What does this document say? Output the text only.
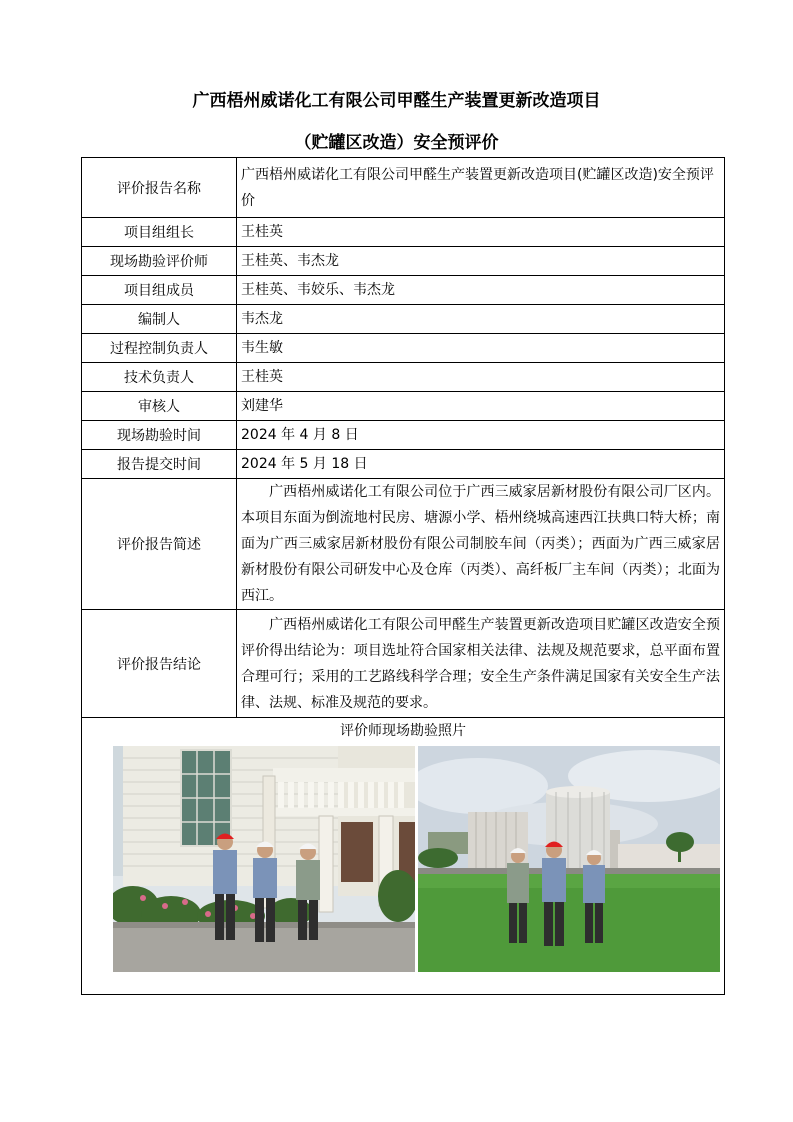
广西梧州威诺化工有限公司甲醛生产装置更新改造项目
（贮罐区改造）安全预评价
评价报告名称	广西梧州威诺化工有限公司甲醛生产装置更新改造项目(贮罐区改造)安全预评价
项目组组长	王桂英
现场勘验评价师	王桂英、韦杰龙
项目组成员	王桂英、韦姣乐、韦杰龙
编制人	韦杰龙
过程控制负责人	韦生敏
技术负责人	王桂英
审核人	刘建华
现场勘验时间	2024 年 4 月 8 日
报告提交时间	2024 年 5 月 18 日
评价报告简述	广西梧州威诺化工有限公司位于广西三威家居新材股份有限公司厂区内。本项目东面为倒流地村民房、塘源小学、梧州绕城高速西江扶典口特大桥；南面为广西三威家居新材股份有限公司制胶车间（丙类）；西面为广西三威家居新材股份有限公司研发中心及仓库（丙类）、高纤板厂主车间（丙类）；北面为西江。
评价报告结论	广西梧州威诺化工有限公司甲醛生产装置更新改造项目贮罐区改造安全预评价得出结论为：项目选址符合国家相关法律、法规及规范要求，总平面布置合理可行；采用的工艺路线科学合理；安全生产条件满足国家有关安全生产法律、法规、标准及规范的要求。

评价师现场勘验照片	
